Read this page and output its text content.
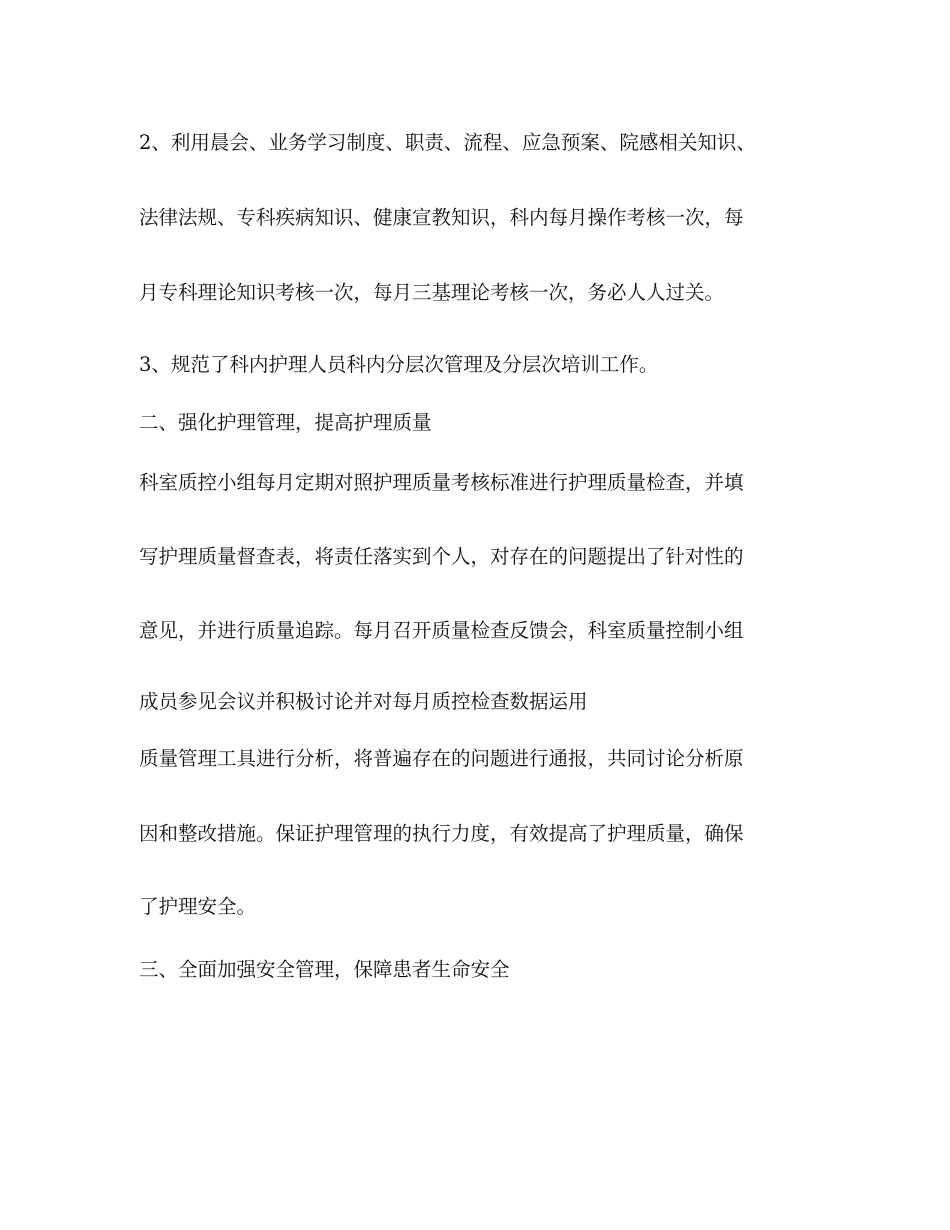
2、利用晨会、业务学习制度、职责、流程、应急预案、院感相关知识、
法律法规、专科疾病知识、健康宣教知识，科内每月操作考核一次，每
月专科理论知识考核一次，每月三基理论考核一次，务必人人过关。
3、规范了科内护理人员科内分层次管理及分层次培训工作。
二、强化护理管理，提高护理质量
科室质控小组每月定期对照护理质量考核标准进行护理质量检查，并填
写护理质量督查表，将责任落实到个人，对存在的问题提出了针对性的
意见，并进行质量追踪。每月召开质量检查反馈会，科室质量控制小组
成员参见会议并积极讨论并对每月质控检查数据运用
质量管理工具进行分析，将普遍存在的问题进行通报，共同讨论分析原
因和整改措施。保证护理管理的执行力度，有效提高了护理质量，确保
了护理安全。
三、全面加强安全管理，保障患者生命安全
